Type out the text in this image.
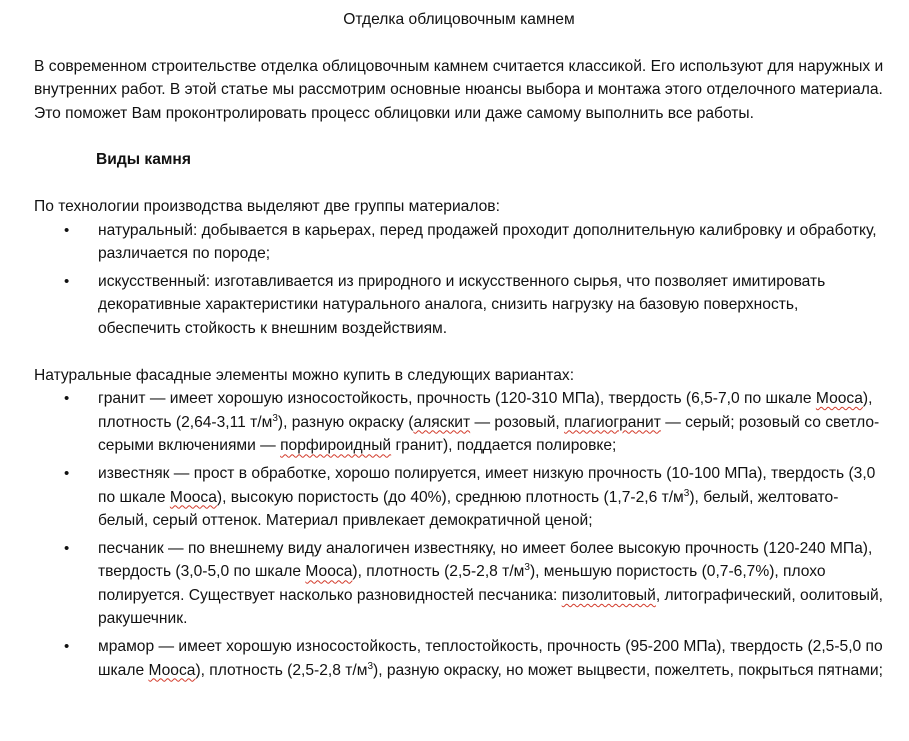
Отделка облицовочным камнем

В современном строительстве отделка облицовочным камнем считается классикой. Его используют для наружных и внутренних работ. В этой статье мы рассмотрим основные нюансы выбора и монтажа этого отделочного материала. Это поможет Вам проконтролировать процесс облицовки или даже самому выполнить все работы.

Виды камня

По технологии производства выделяют две группы материалов:

• натуральный: добывается в карьерах, перед продажей проходит дополнительную калибровку и обработку, различается по породе;
• искусственный: изготавливается из природного и искусственного сырья, что позволяет имитировать декоративные характеристики натурального аналога, снизить нагрузку на базовую поверхность, обеспечить стойкость к внешним воздействиям.

Натуральные фасадные элементы можно купить в следующих вариантах:

• гранит — имеет хорошую износостойкость, прочность (120-310 МПа), твердость (6,5-7,0 по шкале Мооса), плотность (2,64-3,11 $т/м^3$), разную окраску (аляскит — розовый, плагиогранит — серый; розовый со светло-серыми включениями — порфироидный гранит), поддается полировке;
• известняк — прост в обработке, хорошо полируется, имеет низкую прочность (10-100 МПа), твердость (3,0 по шкале Мооса), высокую пористость (до 40%), среднюю плотность (1,7-2,6 $т/м^3$), белый, желтовато-белый, серый оттенок. Материал привлекает демократичной ценой;
• песчаник — по внешнему виду аналогичен известняку, но имеет более высокую прочность (120-240 МПа), твердость (3,0-5,0 по шкале Мооса), плотность (2,5-2,8 $т/м^3$), меньшую пористость (0,7-6,7%), плохо полируется. Существует насколько разновидностей песчаника: пизолитовый, литографический, оолитовый, ракушечник.
• мрамор — имеет хорошую износостойкость, теплостойкость, прочность (95-200 МПа), твердость (2,5-5,0 по шкале Мооса), плотность (2,5-2,8 $т/м^3$), разную окраску, но может выцвести, пожелтеть, покрыться пятнами;
